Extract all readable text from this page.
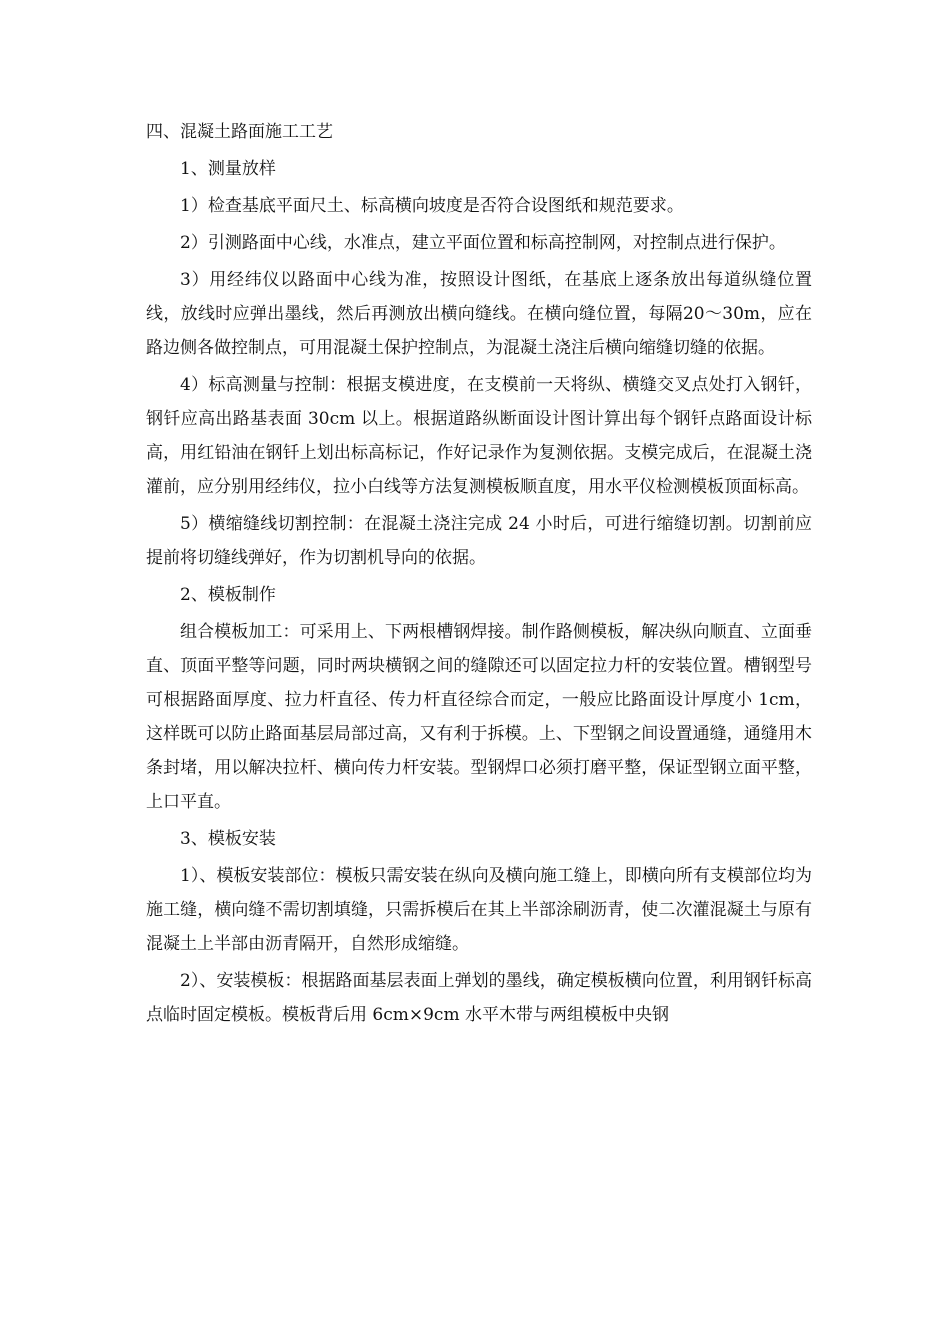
四、混凝土路面施工工艺

1、测量放样

1）检查基底平面尺土、标高横向坡度是否符合设图纸和规范要求。

2）引测路面中心线，水准点，建立平面位置和标高控制网，对控制点进行保护。

3）用经纬仪以路面中心线为准，按照设计图纸，在基底上逐条放出每道纵缝位置线，放线时应弹出墨线，然后再测放出横向缝线。在横向缝位置，每隔20～30m，应在路边侧各做控制点，可用混凝土保护控制点，为混凝土浇注后横向缩缝切缝的依据。

4）标高测量与控制：根据支模进度，在支模前一天将纵、横缝交叉点处打入钢钎，钢钎应高出路基表面 30cm 以上。根据道路纵断面设计图计算出每个钢钎点路面设计标高，用红铅油在钢钎上划出标高标记，作好记录作为复测依据。支模完成后，在混凝土浇灌前，应分别用经纬仪，拉小白线等方法复测模板顺直度，用水平仪检测模板顶面标高。

5）横缩缝线切割控制：在混凝土浇注完成 24 小时后，可进行缩缝切割。切割前应提前将切缝线弹好，作为切割机导向的依据。

2、模板制作

组合模板加工：可采用上、下两根槽钢焊接。制作路侧模板，解决纵向顺直、立面垂直、顶面平整等问题，同时两块横钢之间的缝隙还可以固定拉力杆的安装位置。槽钢型号可根据路面厚度、拉力杆直径、传力杆直径综合而定，一般应比路面设计厚度小 1cm，这样既可以防止路面基层局部过高，又有利于拆模。上、下型钢之间设置通缝，通缝用木条封堵，用以解决拉杆、横向传力杆安装。型钢焊口必须打磨平整，保证型钢立面平整，上口平直。

3、模板安装

1）、模板安装部位：模板只需安装在纵向及横向施工缝上，即横向所有支模部位均为施工缝，横向缝不需切割填缝，只需拆模后在其上半部涂刷沥青，使二次灌混凝土与原有混凝土上半部由沥青隔开，自然形成缩缝。

2）、安装模板：根据路面基层表面上弹划的墨线，确定模板横向位置，利用钢钎标高点临时固定模板。模板背后用 6cm×9cm 水平木带与两组模板中央钢
